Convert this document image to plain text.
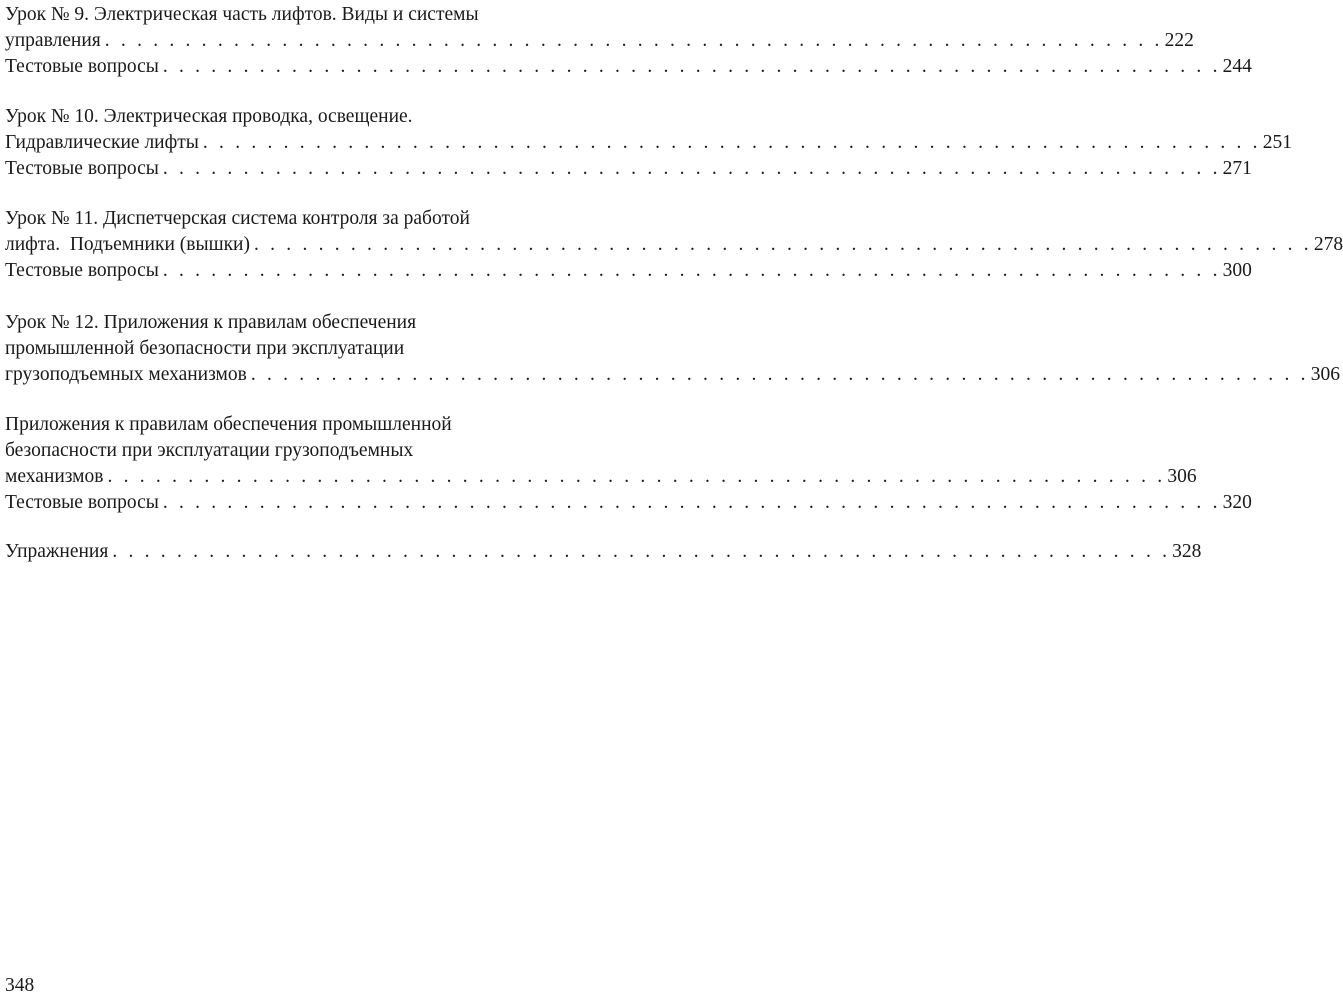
Урок № 9. Электрическая часть лифтов. Виды и системы
управления . . . . . . . . . . . . . . . . . . . . . . . . . . . . . . . . . . . . . . . . . . . . . . . . . . . . . . . . . . . . . . . . . . 222
Тестовые вопросы . . . . . . . . . . . . . . . . . . . . . . . . . . . . . . . . . . . . . . . . . . . . . . . . . . . . . . . . . . . . . . . . . . 244
Урок № 10. Электрическая проводка, освещение.
Гидравлические лифты . . . . . . . . . . . . . . . . . . . . . . . . . . . . . . . . . . . . . . . . . . . . . . . . . . . . . . . . . . . . . . . . . . 251
Тестовые вопросы . . . . . . . . . . . . . . . . . . . . . . . . . . . . . . . . . . . . . . . . . . . . . . . . . . . . . . . . . . . . . . . . . . 271
Урок № 11. Диспетчерская система контроля за работой
лифта.  Подъемники (вышки) . . . . . . . . . . . . . . . . . . . . . . . . . . . . . . . . . . . . . . . . . . . . . . . . . . . . . . . . . . . . . . . . . . 278
Тестовые вопросы . . . . . . . . . . . . . . . . . . . . . . . . . . . . . . . . . . . . . . . . . . . . . . . . . . . . . . . . . . . . . . . . . . 300
Урок № 12. Приложения к правилам обеспечения
промышленной безопасности при эксплуатации
грузоподъемных механизмов . . . . . . . . . . . . . . . . . . . . . . . . . . . . . . . . . . . . . . . . . . . . . . . . . . . . . . . . . . . . . . . . . . 306
Приложения к правилам обеспечения промышленной
безопасности при эксплуатации грузоподъемных
механизмов . . . . . . . . . . . . . . . . . . . . . . . . . . . . . . . . . . . . . . . . . . . . . . . . . . . . . . . . . . . . . . . . . . 306
Тестовые вопросы . . . . . . . . . . . . . . . . . . . . . . . . . . . . . . . . . . . . . . . . . . . . . . . . . . . . . . . . . . . . . . . . . . 320
Упражнения . . . . . . . . . . . . . . . . . . . . . . . . . . . . . . . . . . . . . . . . . . . . . . . . . . . . . . . . . . . . . . . . . . 328
348
